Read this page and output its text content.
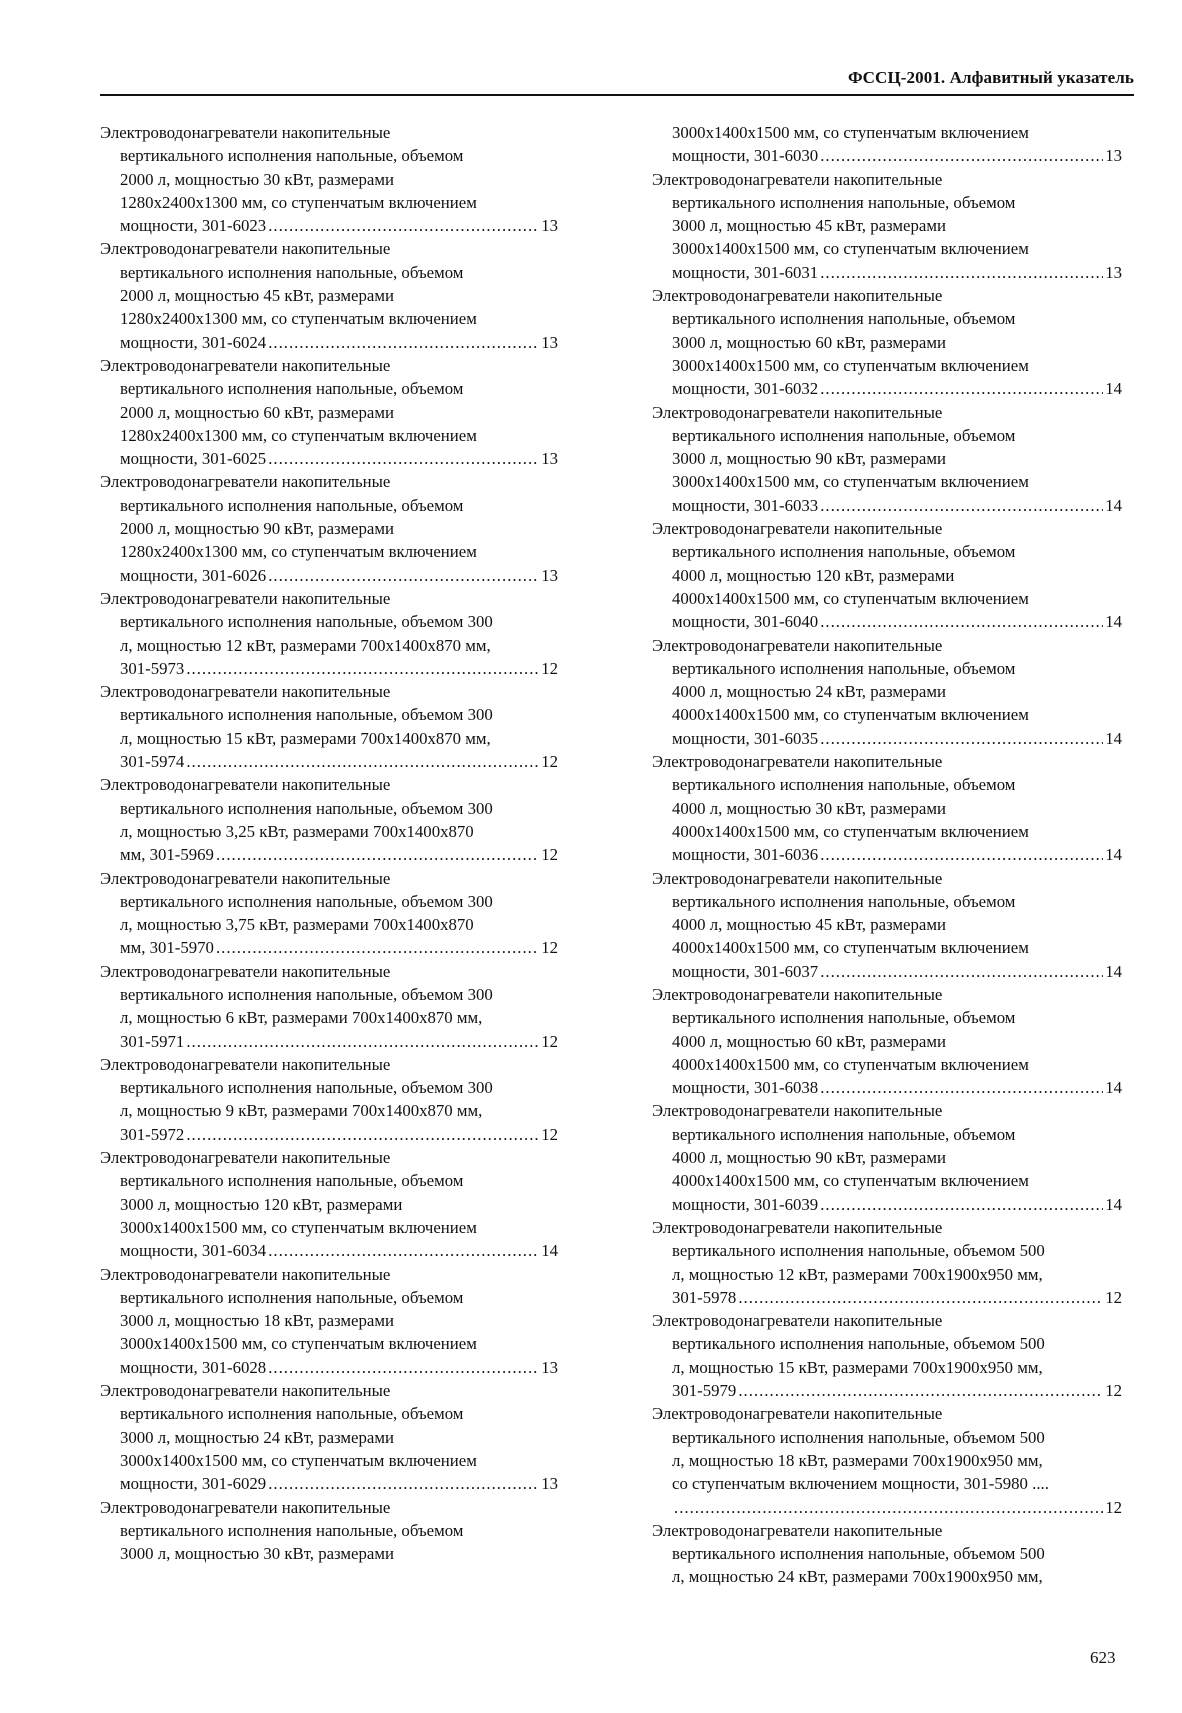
ФССЦ-2001. Алфавитный указатель
Электроводонагреватели накопительные
вертикального исполнения напольные, объемом
2000 л, мощностью 30 кВт, размерами
1280x2400x1300 мм, со ступенчатым включением
мощности, 301-6023 .....	13
Электроводонагреватели накопительные
вертикального исполнения напольные, объемом
2000 л, мощностью 45 кВт, размерами
1280x2400x1300 мм, со ступенчатым включением
мощности, 301-6024 .....	13
Электроводонагреватели накопительные
вертикального исполнения напольные, объемом
2000 л, мощностью 60 кВт, размерами
1280x2400x1300 мм, со ступенчатым включением
мощности, 301-6025 .....	13
Электроводонагреватели накопительные
вертикального исполнения напольные, объемом
2000 л, мощностью 90 кВт, размерами
1280x2400x1300 мм, со ступенчатым включением
мощности, 301-6026 .....	13
Электроводонагреватели накопительные
вертикального исполнения напольные, объемом 300
л, мощностью 12 кВт, размерами 700x1400x870 мм,
301-5973 .....	12
Электроводонагреватели накопительные
вертикального исполнения напольные, объемом 300
л, мощностью 15 кВт, размерами 700x1400x870 мм,
301-5974 .....	12
Электроводонагреватели накопительные
вертикального исполнения напольные, объемом 300
л, мощностью 3,25 кВт, размерами 700x1400x870
мм, 301-5969 .....	12
Электроводонагреватели накопительные
вертикального исполнения напольные, объемом 300
л, мощностью 3,75 кВт, размерами 700x1400x870
мм, 301-5970 .....	12
Электроводонагреватели накопительные
вертикального исполнения напольные, объемом 300
л, мощностью 6 кВт, размерами 700x1400x870 мм,
301-5971 .....	12
Электроводонагреватели накопительные
вертикального исполнения напольные, объемом 300
л, мощностью 9 кВт, размерами 700x1400x870 мм,
301-5972 .....	12
Электроводонагреватели накопительные
вертикального исполнения напольные, объемом
3000 л, мощностью 120 кВт, размерами
3000x1400x1500 мм, со ступенчатым включением
мощности, 301-6034 .....	14
Электроводонагреватели накопительные
вертикального исполнения напольные, объемом
3000 л, мощностью 18 кВт, размерами
3000x1400x1500 мм, со ступенчатым включением
мощности, 301-6028 .....	13
Электроводонагреватели накопительные
вертикального исполнения напольные, объемом
3000 л, мощностью 24 кВт, размерами
3000x1400x1500 мм, со ступенчатым включением
мощности, 301-6029 .....	13
Электроводонагреватели накопительные
вертикального исполнения напольные, объемом
3000 л, мощностью 30 кВт, размерами
3000x1400x1500 мм, со ступенчатым включением
мощности, 301-6030 .....	13
Электроводонагреватели накопительные
вертикального исполнения напольные, объемом
3000 л, мощностью 45 кВт, размерами
3000x1400x1500 мм, со ступенчатым включением
мощности, 301-6031 .....	13
Электроводонагреватели накопительные
вертикального исполнения напольные, объемом
3000 л, мощностью 60 кВт, размерами
3000x1400x1500 мм, со ступенчатым включением
мощности, 301-6032 .....	14
Электроводонагреватели накопительные
вертикального исполнения напольные, объемом
3000 л, мощностью 90 кВт, размерами
3000x1400x1500 мм, со ступенчатым включением
мощности, 301-6033 .....	14
Электроводонагреватели накопительные
вертикального исполнения напольные, объемом
4000 л, мощностью 120 кВт, размерами
4000x1400x1500 мм, со ступенчатым включением
мощности, 301-6040 .....	14
Электроводонагреватели накопительные
вертикального исполнения напольные, объемом
4000 л, мощностью 24 кВт, размерами
4000x1400x1500 мм, со ступенчатым включением
мощности, 301-6035 .....	14
Электроводонагреватели накопительные
вертикального исполнения напольные, объемом
4000 л, мощностью 30 кВт, размерами
4000x1400x1500 мм, со ступенчатым включением
мощности, 301-6036 .....	14
Электроводонагреватели накопительные
вертикального исполнения напольные, объемом
4000 л, мощностью 45 кВт, размерами
4000x1400x1500 мм, со ступенчатым включением
мощности, 301-6037 .....	14
Электроводонагреватели накопительные
вертикального исполнения напольные, объемом
4000 л, мощностью 60 кВт, размерами
4000x1400x1500 мм, со ступенчатым включением
мощности, 301-6038 .....	14
Электроводонагреватели накопительные
вертикального исполнения напольные, объемом
4000 л, мощностью 90 кВт, размерами
4000x1400x1500 мм, со ступенчатым включением
мощности, 301-6039 .....	14
Электроводонагреватели накопительные
вертикального исполнения напольные, объемом 500
л, мощностью 12 кВт, размерами 700x1900x950 мм,
301-5978 .....	12
Электроводонагреватели накопительные
вертикального исполнения напольные, объемом 500
л, мощностью 15 кВт, размерами 700x1900x950 мм,
301-5979 .....	12
Электроводонагреватели накопительные
вертикального исполнения напольные, объемом 500
л, мощностью 18 кВт, размерами 700x1900x950 мм,
со ступенчатым включением мощности, 301-5980 ....
.....
12
Электроводонагреватели накопительные
вертикального исполнения напольные, объемом 500
л, мощностью 24 кВт, размерами 700x1900x950 мм,
623
